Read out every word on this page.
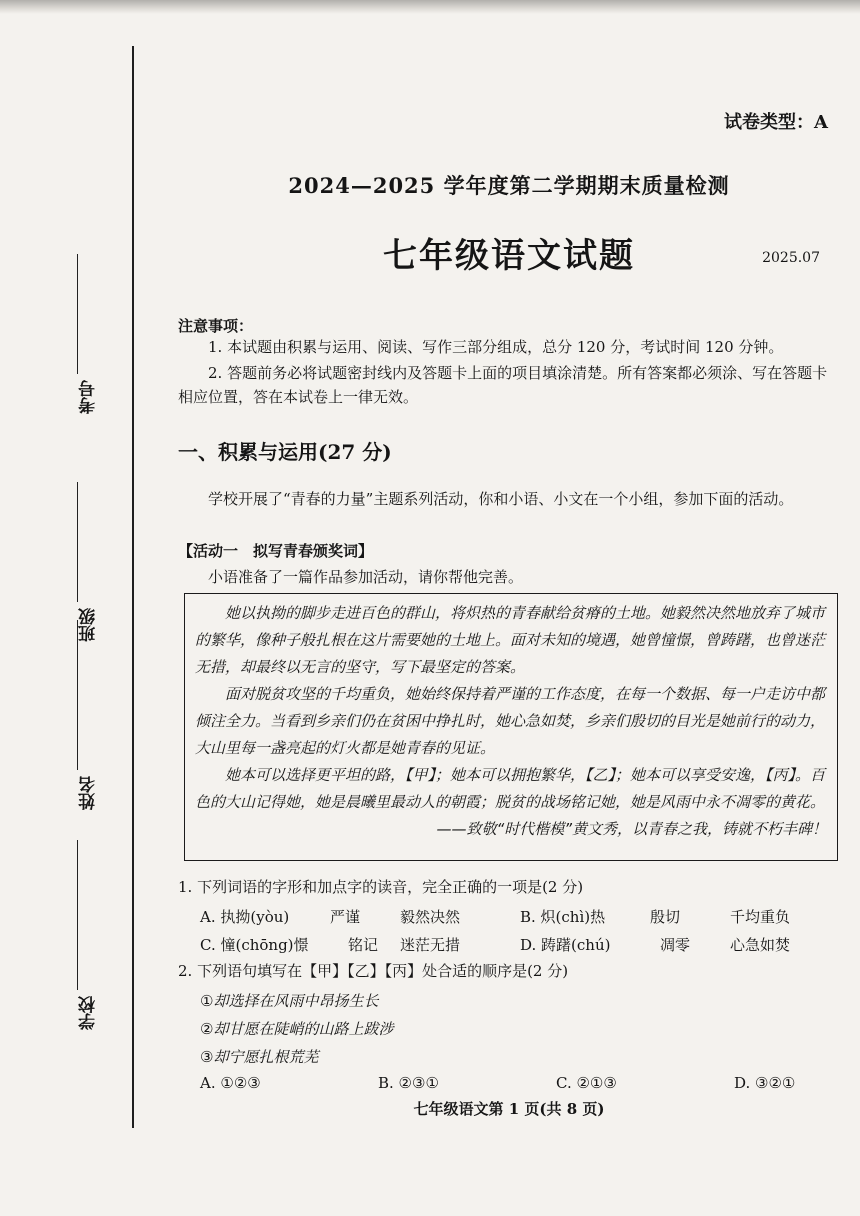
考号
班级
姓名
学校
试卷类型：A
2024—2025 学年度第二学期期末质量检测
七年级语文试题	2025.07
注意事项：
1. 本试题由积累与运用、阅读、写作三部分组成，总分 120 分，考试时间 120 分钟。
2. 答题前务必将试题密封线内及答题卡上面的项目填涂清楚。所有答案都必须涂、写在答题卡相应位置，答在本试卷上一律无效。
一、积累与运用(27 分)
学校开展了“青春的力量”主题系列活动，你和小语、小文在一个小组，参加下面的活动。
【活动一　拟写青春颁奖词】
小语准备了一篇作品参加活动，请你帮他完善。

她以执拗的脚步走进百色的群山，将炽热的青春献给贫瘠的土地。她毅然决然地放弃了城市的繁华，像种子般扎根在这片需要她的土地上。面对未知的境遇，她曾憧憬，曾踌躇，也曾迷茫无措，却最终以无言的坚守，写下最坚定的答案。

面对脱贫攻坚的千均重负，她始终保持着严谨的工作态度，在每一个数据、每一户走访中都倾注全力。当看到乡亲们仍在贫困中挣扎时，她心急如焚，乡亲们殷切的目光是她前行的动力，大山里每一盏亮起的灯火都是她青春的见证。

她本可以选择更平坦的路，【甲】；她本可以拥抱繁华，【乙】；她本可以享受安逸，【丙】。百色的大山记得她，她是晨曦里最动人的朝霞；脱贫的战场铭记她，她是风雨中永不凋零的黄花。

——致敬“时代楷模”黄文秀，以青春之我，铸就不朽丰碑！
1. 下列词语的字形和加点字的读音，完全正确的一项是(2 分)
A. 执拗(yòu)	严谨	毅然决然	B. 炽(chì)热	殷切	千均重负
C. 憧(chōng)憬	铭记 迷茫无措	D. 踌躇(chú)	凋零	心急如焚
2. 下列语句填写在【甲】【乙】【丙】处合适的顺序是(2 分)
①却选择在风雨中昂扬生长
②却甘愿在陡峭的山路上跋涉
③却宁愿扎根荒芜
A. ①②③	B. ②③①	C. ②①③	D. ③②①
七年级语文第 1 页(共 8 页)
